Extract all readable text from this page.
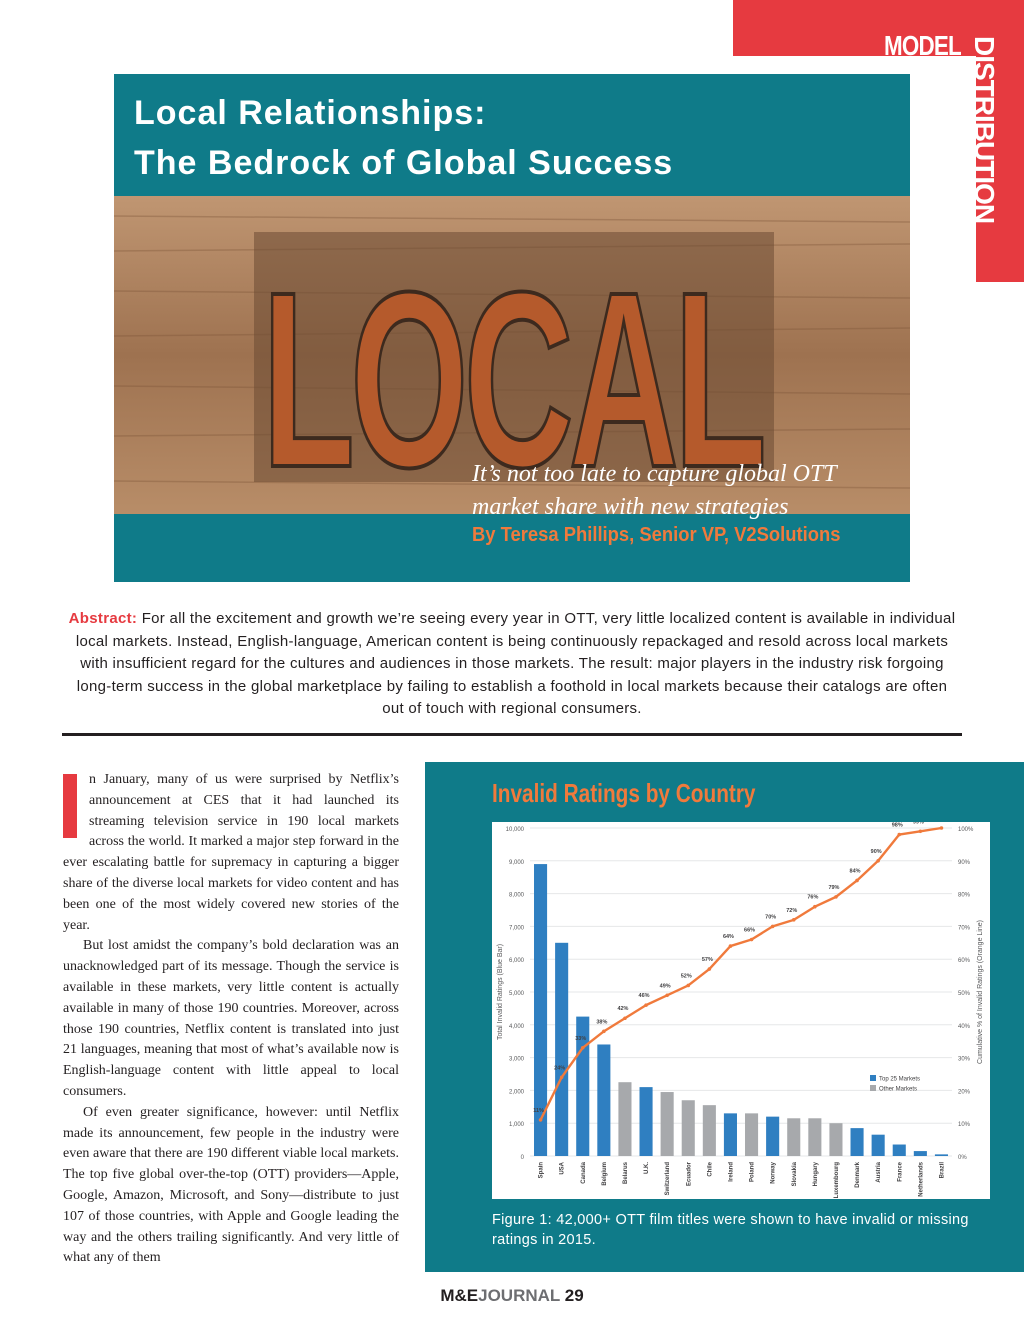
MODEL DISTRIBUTION
Local Relationships:
The Bedrock of Global Success
LOCAL
It’s not too late to capture global OTT
market share with new strategies
By Teresa Phillips, Senior VP, V2Solutions
Abstract: For all the excitement and growth we’re seeing every year in OTT, very little localized content is available in individual local markets. Instead, English-language, American content is being continuously repackaged and resold across local markets with insufficient regard for the cultures and audiences in those markets. The result: major players in the industry risk forgoing long-term success in the global marketplace by failing to establish a foothold in local markets because their catalogs are often out of touch with regional consumers.

n January, many of us were surprised by Netflix’s announcement at CES that it had launched its streaming television service in 190 local markets across the world. It marked a major step forward in the ever escalating battle for supremacy in capturing a bigger share of the diverse local markets for video content and has been one of the most widely covered new stories of the year.

But lost amidst the company’s bold declaration was an unacknowledged part of its message. Though the service is available in these markets, very little content is actually available in many of those 190 countries. Moreover, across those 190 countries, Netflix content is translated into just 21 languages, meaning that most of what’s available now is English-language content with little appeal to local consumers.

Of even greater significance, however: until Netflix made its announcement, few people in the industry were even aware that there are 190 different viable local markets. The top five global over-the-top (OTT) providers—Apple, Google, Amazon, Microsoft, and Sony—distribute to just 107 of those countries, with Apple and Google leading the way and the others trailing significantly. And very little of what any of them

Invalid Ratings by Country
0
1,000
2,000
3,000
4,000
5,000
6,000
7,000
8,000
9,000
10,000
0%
10%
20%
30%
40%
50%
60%
70%
80%
90%
100%
Total Invalid Ratings (Blue Bar)	Cumulative % of Invalid Ratings (Orange Line)
Spain	USA	Canada	Belgium	Belarus	U.K.	Switzerland	Ecuador	Chile	Ireland	Poland	Norway	Slovakia	Hungary	Luxembourg	Denmark	Austria	France	Netherlands	Brazil
11%
24%
33%
38%
42%
46%
49%
52%
57%
64%
66%
70%
72%
76%
79%
84%
90%
98%
99%
Top 25 Markets
Other Markets
Figure 1: 42,000+ OTT film titles were shown to have invalid or missing ratings in 2015.
M&EJOURNAL 29
